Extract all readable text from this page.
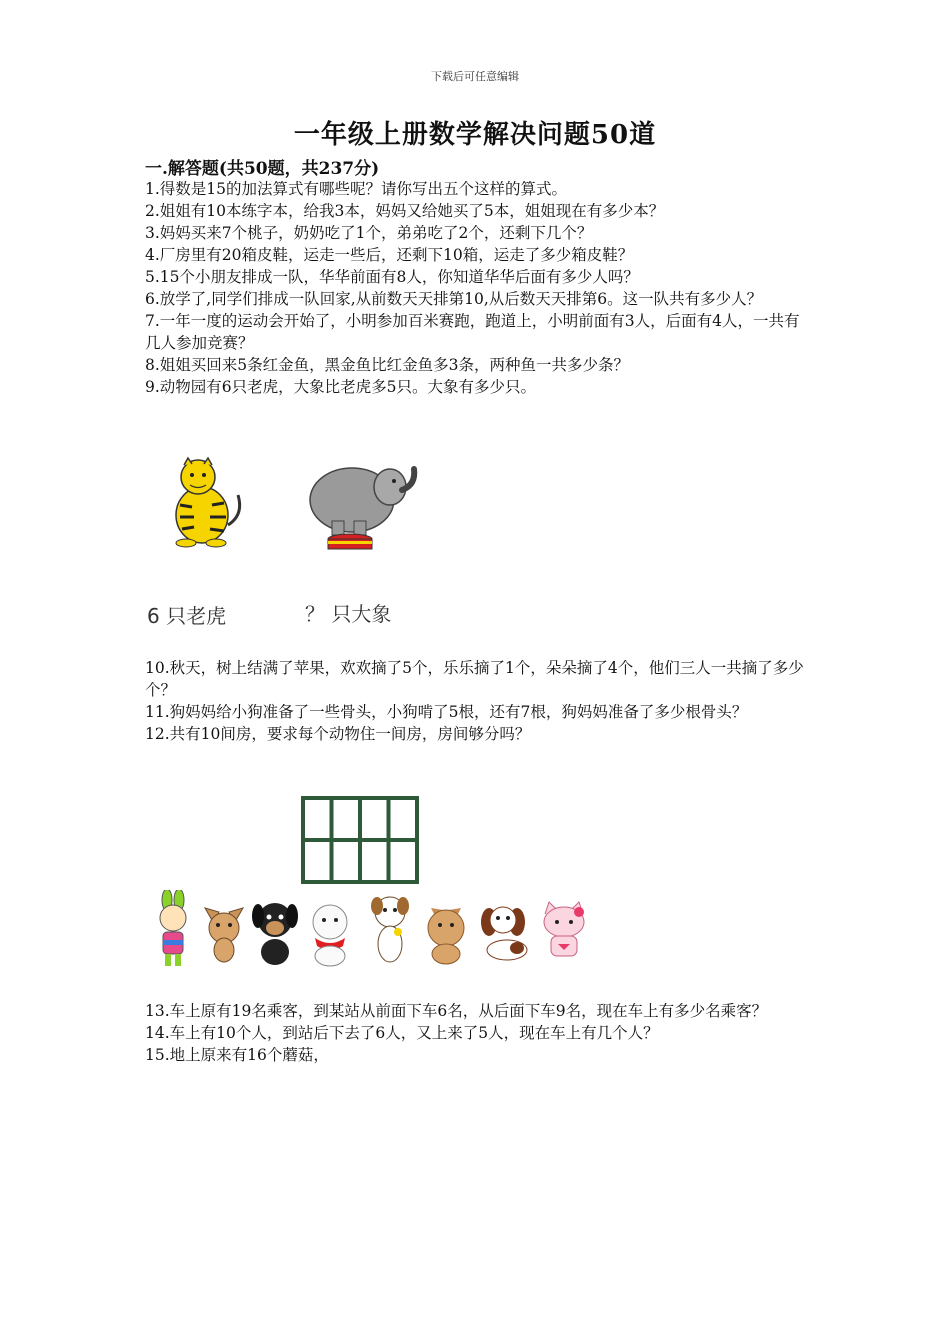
下载后可任意编辑
一年级上册数学解决问题50道
一.解答题(共50题，共237分)

1.得数是15的加法算式有哪些呢？请你写出五个这样的算式。

2.姐姐有10本练字本，给我3本，妈妈又给她买了5本，姐姐现在有多少本？

3.妈妈买来7个桃子，奶奶吃了1个，弟弟吃了2个，还剩下几个？

4.厂房里有20箱皮鞋，运走一些后，还剩下10箱，运走了多少箱皮鞋？

5.15个小朋友排成一队，华华前面有8人，你知道华华后面有多少人吗？

6.放学了,同学们排成一队回家,从前数天天排第10,从后数天天排第6。这一队共有多少人？

7.一年一度的运动会开始了，小明参加百米赛跑，跑道上，小明前面有3人，后面有4人，一共有几人参加竞赛？

8.姐姐买回来5条红金鱼，黑金鱼比红金鱼多3条，两种鱼一共多少条？

9.动物园有6只老虎，大象比老虎多5只。大象有多少只。

6 只老虎	？ 只大象

10.秋天，树上结满了苹果，欢欢摘了5个，乐乐摘了1个，朵朵摘了4个，他们三人一共摘了多少个？

11.狗妈妈给小狗准备了一些骨头，小狗啃了5根，还有7根，狗妈妈准备了多少根骨头？

12.共有10间房，要求每个动物住一间房，房间够分吗？

13.车上原有19名乘客，到某站从前面下车6名，从后面下车9名，现在车上有多少名乘客？

14.车上有10个人，到站后下去了6人，又上来了5人，现在车上有几个人？

15.地上原来有16个蘑菇，
